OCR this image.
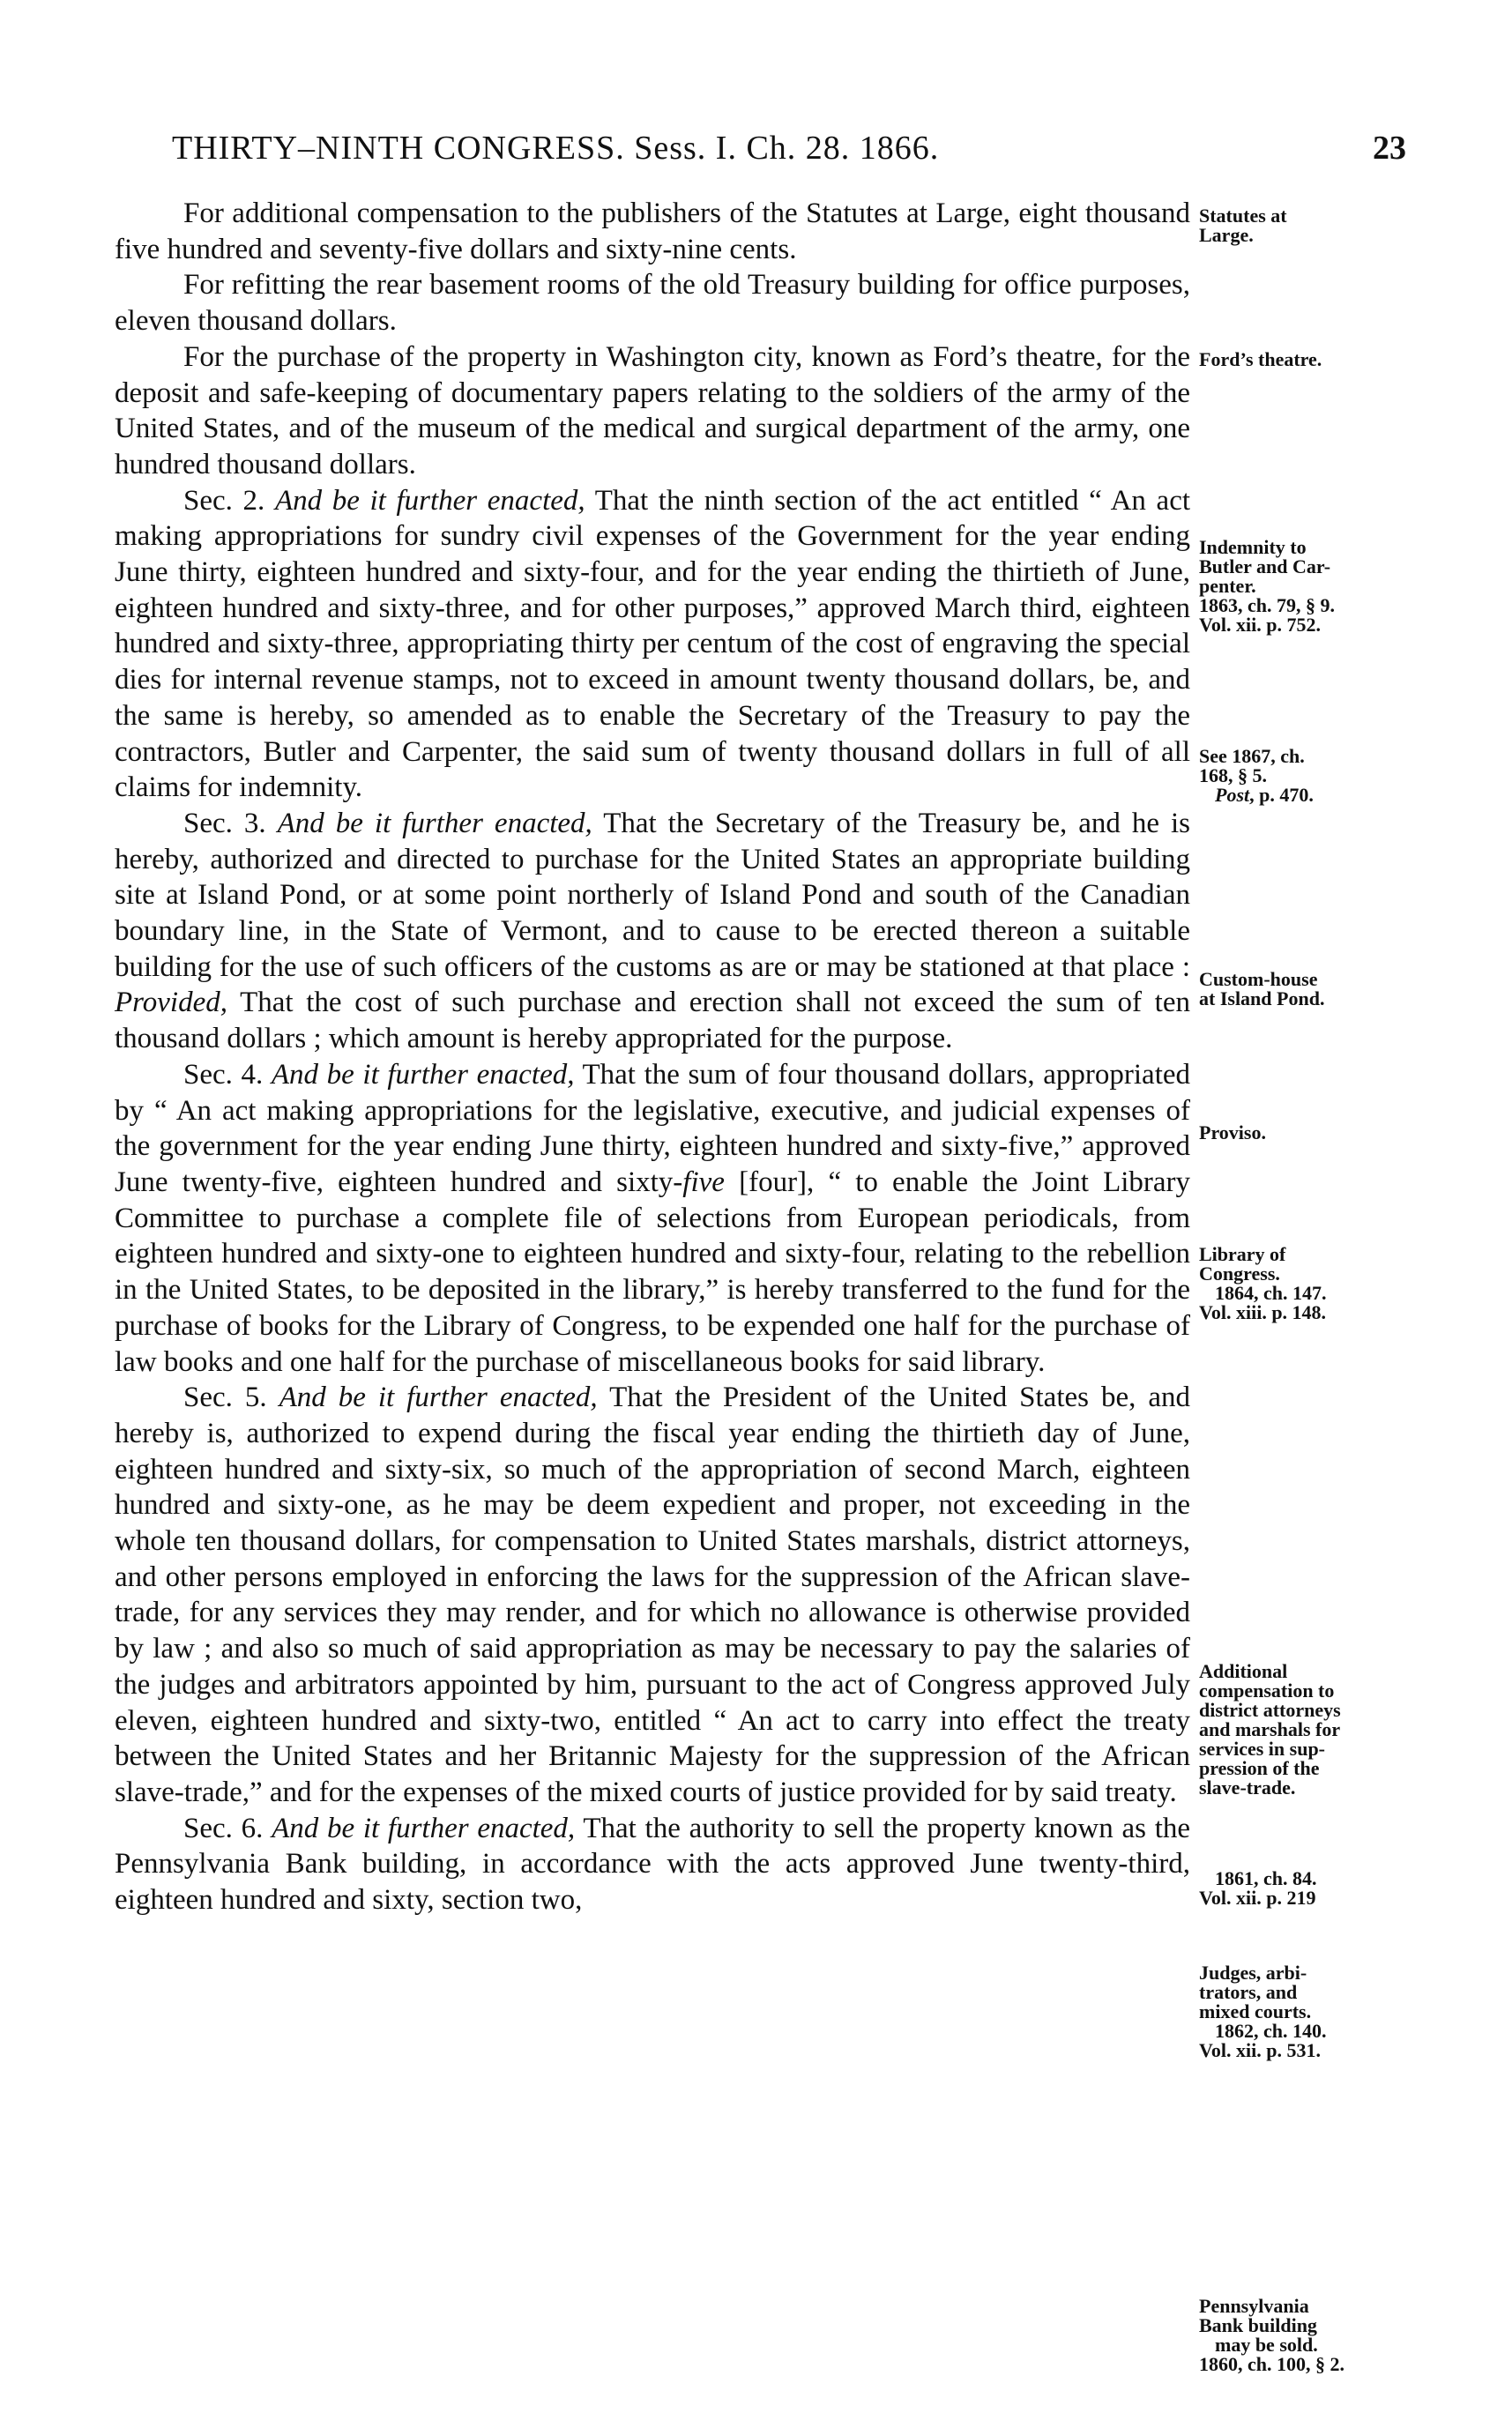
THIRTY–NINTH CONGRESS. Sess. I. Ch. 28. 1866.	23

For additional compensation to the publishers of the Statutes at Large, eight thousand five hundred and seventy-five dollars and sixty-nine cents.

For refitting the rear basement rooms of the old Treasury building for office purposes, eleven thousand dollars.

For the purchase of the property in Washington city, known as Ford’s theatre, for the deposit and safe-keeping of documentary papers relating to the soldiers of the army of the United States, and of the museum of the medical and surgical department of the army, one hundred thousand dollars.

Sec. 2. And be it further enacted, That the ninth section of the act entitled “ An act making appropriations for sundry civil expenses of the Government for the year ending June thirty, eighteen hundred and sixty-four, and for the year ending the thirtieth of June, eighteen hundred and sixty-three, and for other purposes,” approved March third, eighteen hundred and sixty-three, appropriating thirty per centum of the cost of engraving the special dies for internal revenue stamps, not to exceed in amount twenty thousand dollars, be, and the same is hereby, so amended as to enable the Secretary of the Treasury to pay the contractors, Butler and Carpenter, the said sum of twenty thousand dollars in full of all claims for indemnity.

Sec. 3. And be it further enacted, That the Secretary of the Treasury be, and he is hereby, authorized and directed to purchase for the United States an appropriate building site at Island Pond, or at some point northerly of Island Pond and south of the Canadian boundary line, in the State of Vermont, and to cause to be erected thereon a suitable building for the use of such officers of the customs as are or may be stationed at that place : Provided, That the cost of such purchase and erection shall not exceed the sum of ten thousand dollars ; which amount is hereby appropriated for the purpose.

Sec. 4. And be it further enacted, That the sum of four thousand dollars, appropriated by “ An act making appropriations for the legislative, executive, and judicial expenses of the government for the year ending June thirty, eighteen hundred and sixty-five,” approved June twenty-five, eighteen hundred and sixty-five [four], “ to enable the Joint Library Committee to purchase a complete file of selections from European periodicals, from eighteen hundred and sixty-one to eighteen hundred and sixty-four, relating to the rebellion in the United States, to be deposited in the library,” is hereby transferred to the fund for the purchase of books for the Library of Congress, to be expended one half for the purchase of law books and one half for the purchase of miscellaneous books for said library.

Sec. 5. And be it further enacted, That the President of the United States be, and hereby is, authorized to expend during the fiscal year ending the thirtieth day of June, eighteen hundred and sixty-six, so much of the appropriation of second March, eighteen hundred and sixty-one, as he may be deem expedient and proper, not exceeding in the whole ten thousand dollars, for compensation to United States marshals, district attorneys, and other persons employed in enforcing the laws for the suppression of the African slave-trade, for any services they may render, and for which no allowance is otherwise provided by law ; and also so much of said appropriation as may be necessary to pay the salaries of the judges and arbitrators appointed by him, pursuant to the act of Congress approved July eleven, eighteen hundred and sixty-two, entitled “ An act to carry into effect the treaty between the United States and her Britannic Majesty for the suppression of the African slave-trade,” and for the expenses of the mixed courts of justice provided for by said treaty.

Sec. 6. And be it further enacted, That the authority to sell the property known as the Pennsylvania Bank building, in accordance with the acts approved June twenty-third, eighteen hundred and sixty, section two,

Statutes at
Large.
Ford’s theatre.
Indemnity to
Butler and Car-
penter.
1863, ch. 79, § 9.
Vol. xii. p. 752.
See 1867, ch.
168, § 5.
Post, p. 470.
Custom-house
at Island Pond.
Proviso.
Library of
Congress.
1864, ch. 147.
Vol. xiii. p. 148.
Additional
compensation to
district attorneys
and marshals for
services in sup-
pression of the
slave-trade.
1861, ch. 84.
Vol. xii. p. 219
Judges, arbi-
trators, and
mixed courts.
1862, ch. 140.
Vol. xii. p. 531.
Pennsylvania
Bank building
may be sold.
1860, ch. 100, § 2.
